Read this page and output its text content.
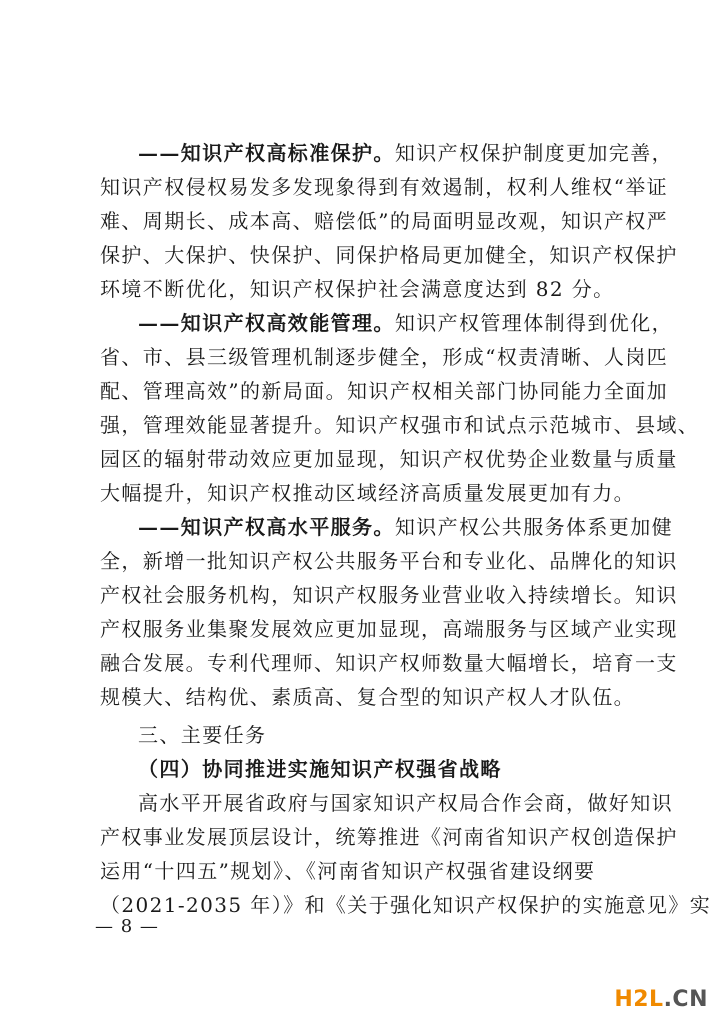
——知识产权高标准保护。知识产权保护制度更加完善，
知识产权侵权易发多发现象得到有效遏制，权利人维权“举证
难、周期长、成本高、赔偿低”的局面明显改观，知识产权严
保护、大保护、快保护、同保护格局更加健全，知识产权保护
环境不断优化，知识产权保护社会满意度达到 82 分。
——知识产权高效能管理。知识产权管理体制得到优化，
省、市、县三级管理机制逐步健全，形成“权责清晰、人岗匹
配、管理高效”的新局面。知识产权相关部门协同能力全面加
强，管理效能显著提升。知识产权强市和试点示范城市、县域、
园区的辐射带动效应更加显现，知识产权优势企业数量与质量
大幅提升，知识产权推动区域经济高质量发展更加有力。
——知识产权高水平服务。知识产权公共服务体系更加健
全，新增一批知识产权公共服务平台和专业化、品牌化的知识
产权社会服务机构，知识产权服务业营业收入持续增长。知识
产权服务业集聚发展效应更加显现，高端服务与区域产业实现
融合发展。专利代理师、知识产权师数量大幅增长，培育一支
规模大、结构优、素质高、复合型的知识产权人才队伍。
三、主要任务
（四）协同推进实施知识产权强省战略
高水平开展省政府与国家知识产权局合作会商，做好知识
产权事业发展顶层设计，统筹推进《河南省知识产权创造保护
运用“十四五”规划》、《河南省知识产权强省建设纲要
（2021-2035 年）》和《关于强化知识产权保护的实施意见》实
— 8 —
H2L.CN
